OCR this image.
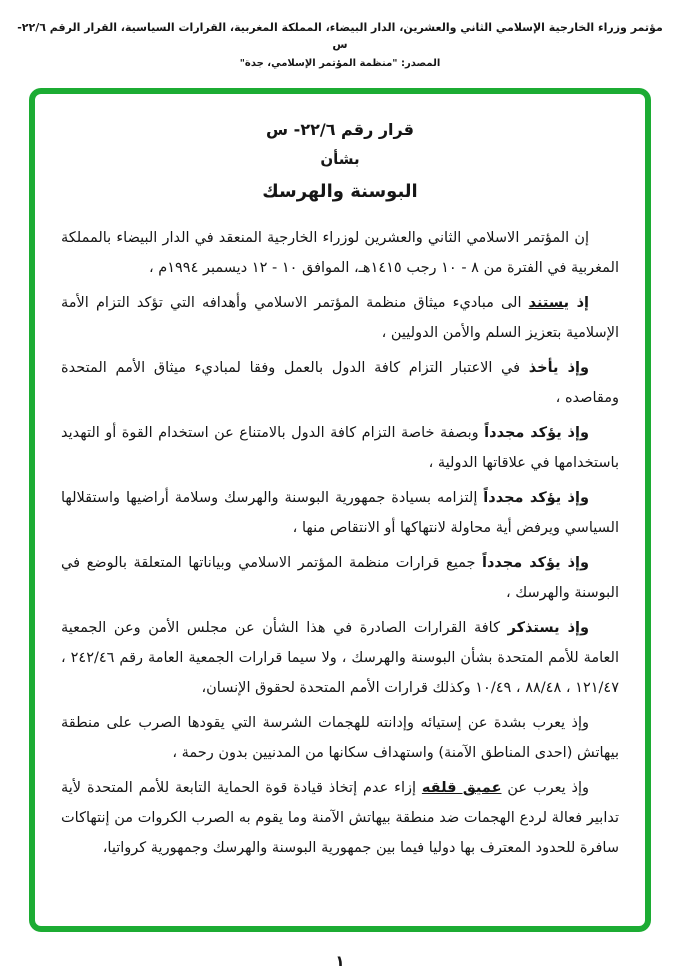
مؤتمر وزراء الخارجية الإسلامي الثاني والعشرين، الدار البيضاء، المملكة المغربية، القرارات السياسية، القرار الرقم ٢٢/٦-س
المصدر: "منظمة المؤتمر الإسلامي، جدة"
قرار رقم ٢٢/٦- س
بشأن
البوسنة والهرسك

إن المؤتمر الاسلامي الثاني والعشرين لوزراء الخارجية المنعقد في الدار البيضاء بالمملكة المغربية في الفترة من ٨ - ١٠ رجب ١٤١٥هـ، الموافق ١٠ - ١٢ ديسمبر ١٩٩٤م ،

إذ يستند الى مباديء ميثاق منظمة المؤتمر الاسلامي وأهدافه التي تؤكد التزام الأمة الإسلامية بتعزيز السلم والأمن الدوليين ،

وإذ يأخذ في الاعتبار التزام كافة الدول بالعمل وفقا لمباديء ميثاق الأمم المتحدة ومقاصده ،

وإذ يؤكد مجدداً وبصفة خاصة التزام كافة الدول بالامتناع عن استخدام القوة أو التهديد باستخدامها في علاقاتها الدولية ،

وإذ يؤكد مجدداً إلتزامه بسيادة جمهورية البوسنة والهرسك وسلامة أراضيها واستقلالها السياسي ويرفض أية محاولة لانتهاكها أو الانتقاص منها ،

وإذ يؤكد مجدداً جميع قرارات منظمة المؤتمر الاسلامي وبياناتها المتعلقة بالوضع في البوسنة والهرسك ،

وإذ يستذكر كافة القرارات الصادرة في هذا الشأن عن مجلس الأمن وعن الجمعية العامة للأمم المتحدة بشأن البوسنة والهرسك ، ولا سيما قرارات الجمعية العامة رقم ٢٤٢/٤٦ ، ١٢١/٤٧ ، ٨٨/٤٨ ، ١٠/٤٩ وكذلك قرارات الأمم المتحدة لحقوق الإنسان،

وإذ يعرب بشدة عن إستيائه وإدانته للهجمات الشرسة التي يقودها الصرب على منطقة بيهاتش (احدى المناطق الآمنة) واستهداف سكانها من المدنيين بدون رحمة ،

وإذ يعرب عن عميق قلقه إزاء عدم إتخاذ قيادة قوة الحماية التابعة للأمم المتحدة لأية تدابير فعالة لردع الهجمات ضد منطقة بيهاتش الآمنة وما يقوم به الصرب الكروات من إنتهاكات سافرة للحدود المعترف بها دوليا فيما بين جمهورية البوسنة والهرسك وجمهورية كرواتيا،

١
